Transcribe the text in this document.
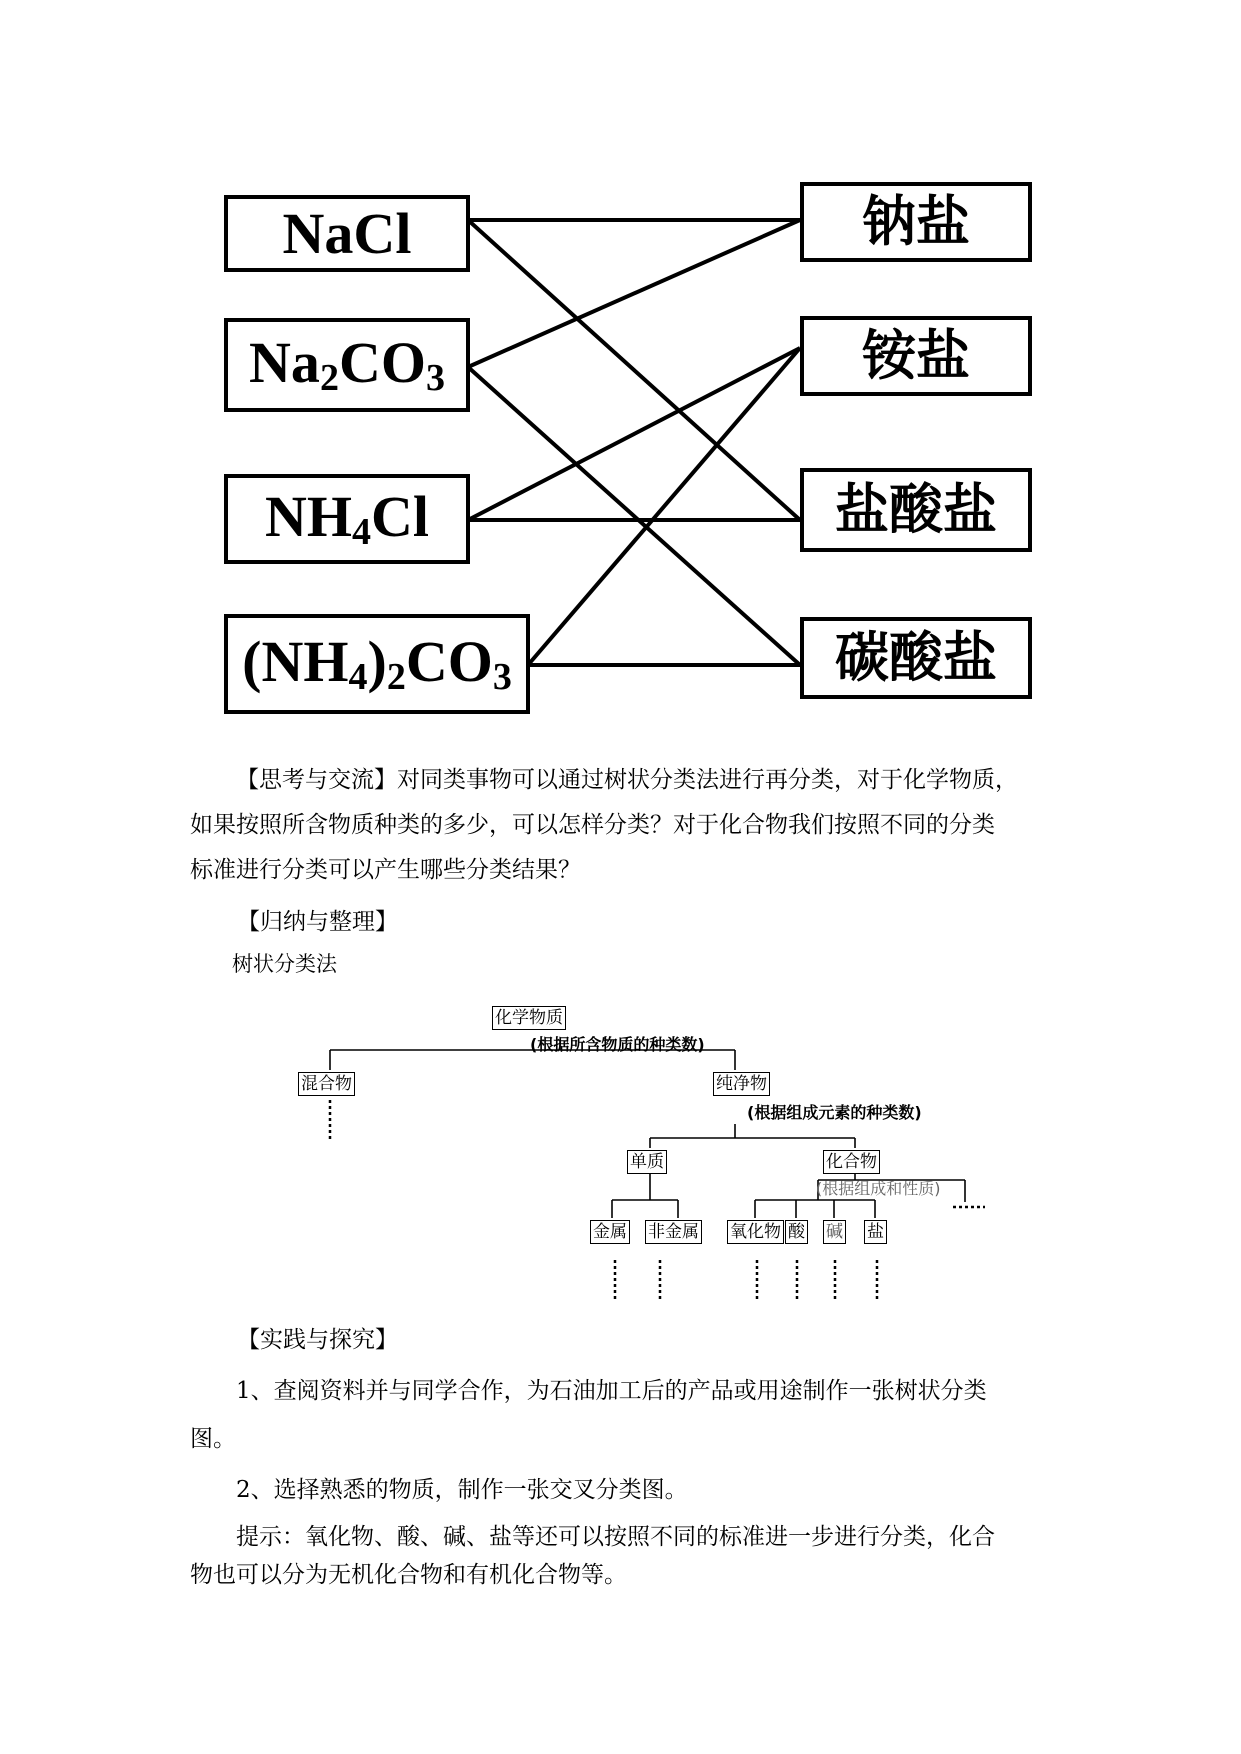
NaCl
$Na_2CO_3$
$NH_4Cl$
$(NH_4)_2CO_3$
钠盐
铵盐
盐酸盐
碳酸盐
【思考与交流】对同类事物可以通过树状分类法进行再分类，对于化学物质，
如果按照所含物质种类的多少，可以怎样分类？对于化合物我们按照不同的分类
标准进行分类可以产生哪些分类结果？
【归纳与整理】
树状分类法
化学物质
(根据所含物质的种类数)
混合物	纯净物
(根据组成元素的种类数)
单质	化合物
(根据组成和性质)
金属 非金属 氧化物 酸 碱 盐
【实践与探究】
1、查阅资料并与同学合作，为石油加工后的产品或用途制作一张树状分类
图。
2、选择熟悉的物质，制作一张交叉分类图。
提示：氧化物、酸、碱、盐等还可以按照不同的标准进一步进行分类，化合
物也可以分为无机化合物和有机化合物等。
